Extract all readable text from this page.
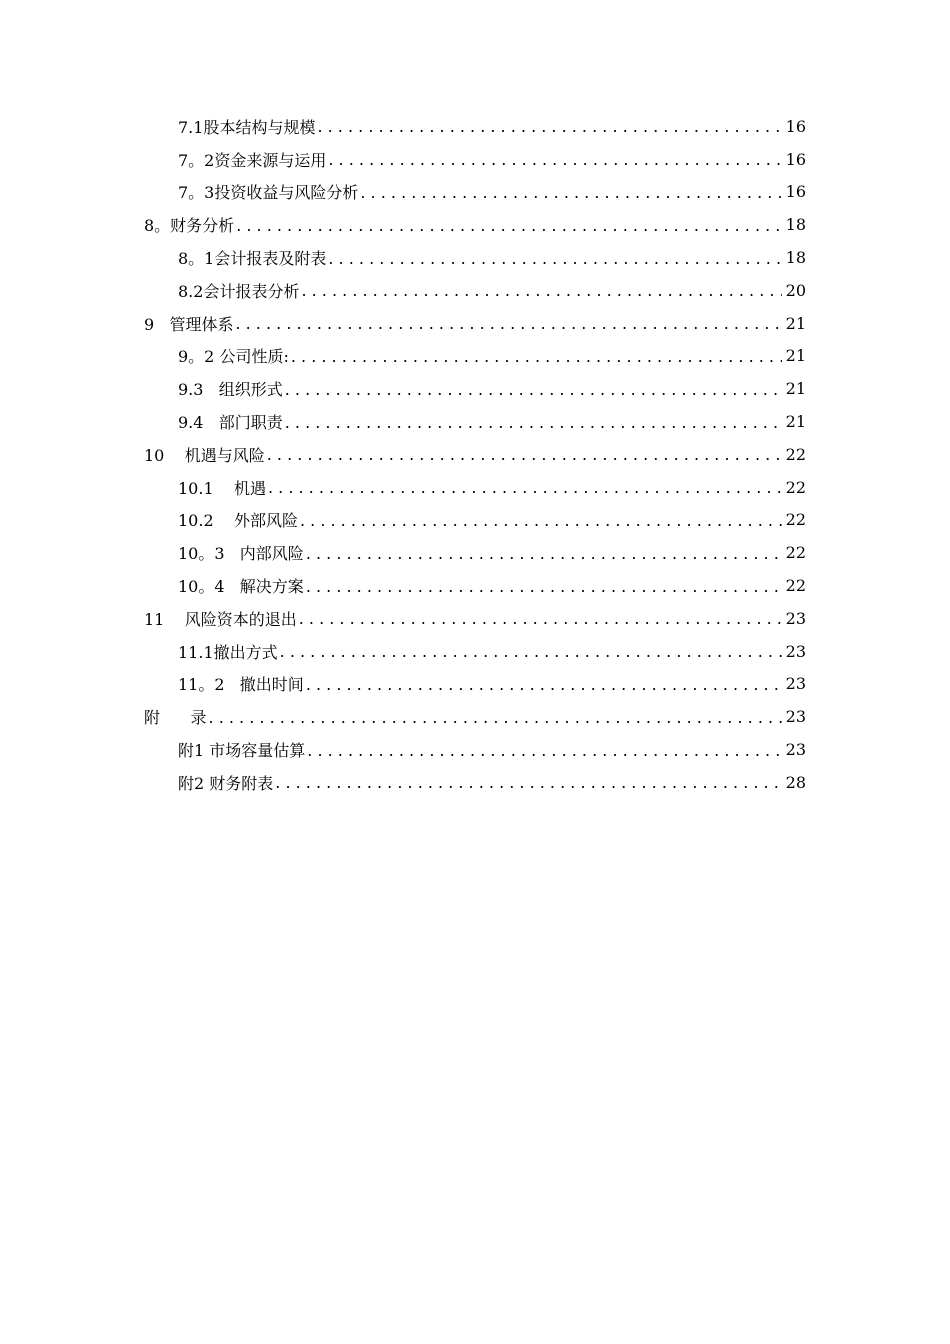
7.1股本结构与规模 . . .	16
7。2资金来源与运用 . . .	16
7。3投资收益与风险分析 . . .	16
8。财务分析 . . .	18
8。1会计报表及附表 . . .	18
8.2会计报表分析 . . .	20
9   管理体系 . . .	21
9。2 公司性质: . . .	21
9.3   组织形式 . . .	21
9.4   部门职责 . . .	21
10    机遇与风险 . . .	22
10.1    机遇 . . .	22
10.2    外部风险 . . .	22
10。3   内部风险 . . .	22
10。4   解决方案 . . .	22
11    风险资本的退出 . . .	23
11.1撤出方式 . . .	23
11。2   撤出时间 . . .	23
附      录 . . .	23
附1 市场容量估算 . . .	23
附2 财务附表 . . .	28
